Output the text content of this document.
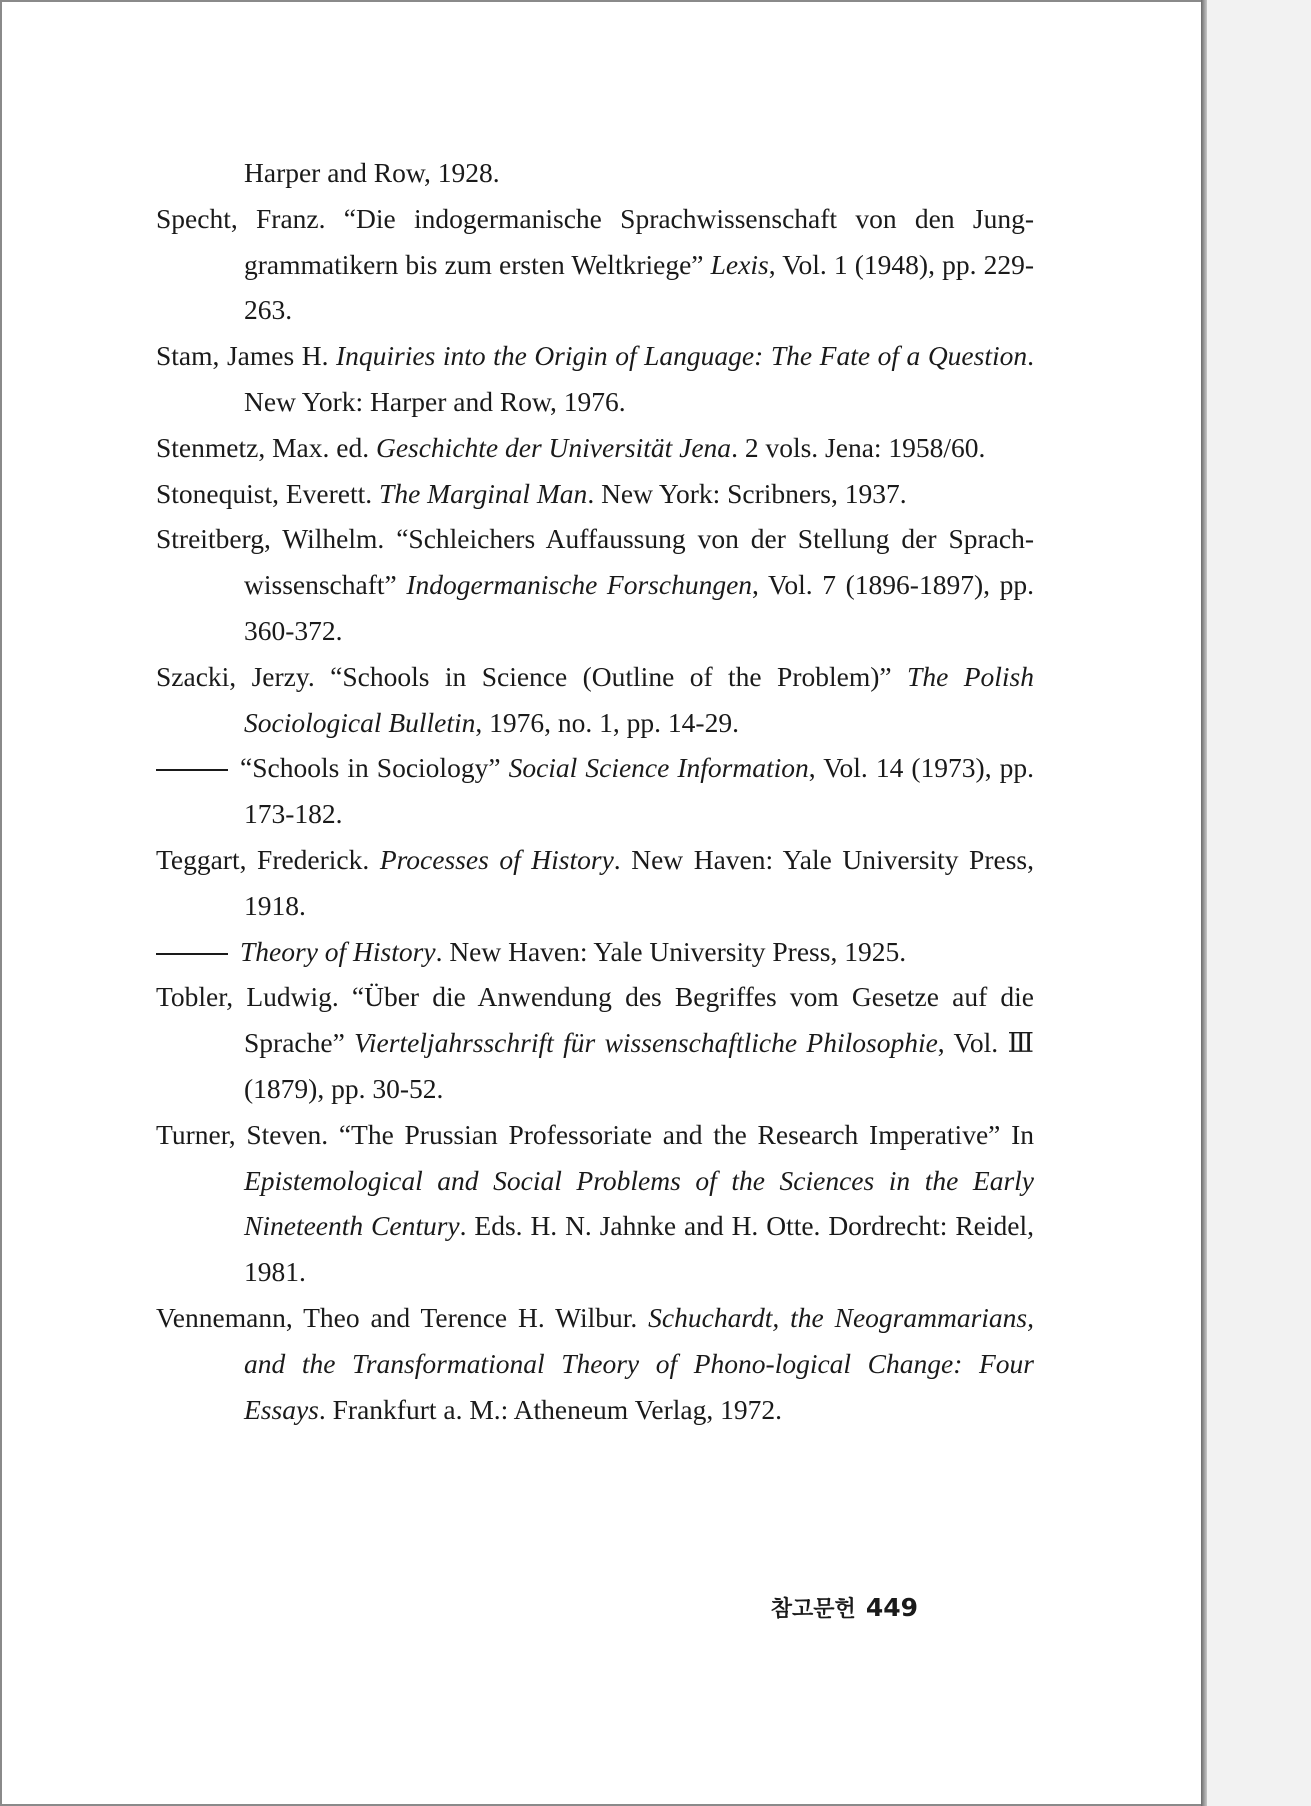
Harper and Row, 1928.

Specht, Franz. “Die indogermanische Sprachwissenschaft von den Jung-grammatikern bis zum ersten Weltkriege” Lexis, Vol. 1 (1948), pp. 229-263.

Stam, James H. Inquiries into the Origin of Language: The Fate of a Question. New York: Harper and Row, 1976.

Stenmetz, Max. ed. Geschichte der Universität Jena. 2 vols. Jena: 1958/60.

Stonequist, Everett. The Marginal Man. New York: Scribners, 1937.

Streitberg, Wilhelm. “Schleichers Auffaussung von der Stellung der Sprach- wissenschaft” Indogermanische Forschungen, Vol. 7 (1896-1897), pp. 360-372.

Szacki, Jerzy. “Schools in Science (Outline of the Problem)” The Polish Sociological Bulletin, 1976, no. 1, pp. 14-29.

“Schools in Sociology” Social Science Information, Vol. 14 (1973), pp. 173-182.

Teggart, Frederick. Processes of History. New Haven: Yale University Press, 1918.

Theory of History. New Haven: Yale University Press, 1925.

Tobler, Ludwig. “Über die Anwendung des Begriffes vom Gesetze auf die Sprache” Vierteljahrsschrift für wissenschaftliche Philosophie, Vol. Ⅲ (1879), pp. 30-52.

Turner, Steven. “The Prussian Professoriate and the Research Imperative” In Epistemological and Social Problems of the Sciences in the Early Nineteenth Century. Eds. H. N. Jahnke and H. Otte. Dordrecht: Reidel, 1981.

Vennemann, Theo and Terence H. Wilbur. Schuchardt, the Neogrammarians, and the Transformational Theory of Phono-logical Change: Four Essays. Frankfurt a. M.: Atheneum Verlag, 1972.

참고문헌 449
